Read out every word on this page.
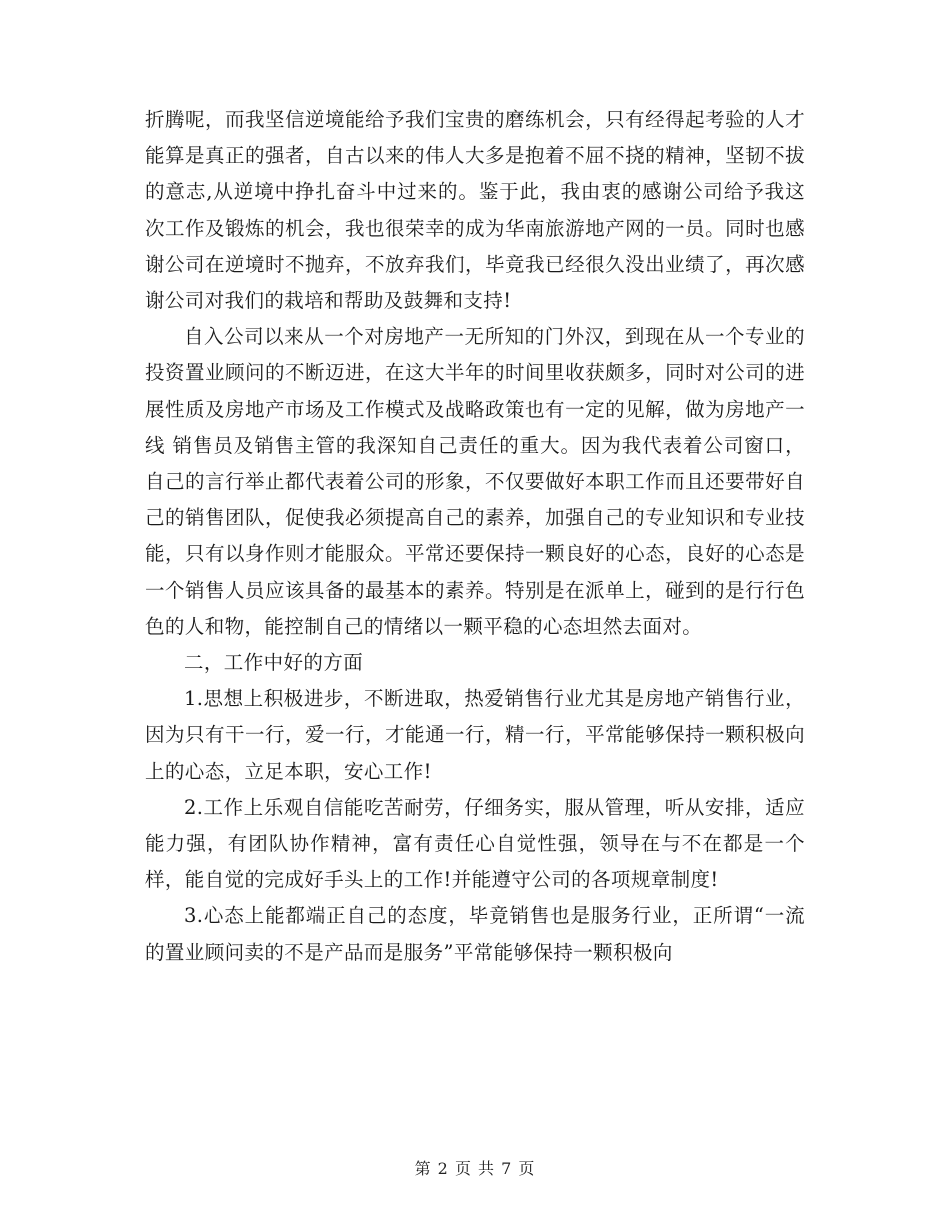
折腾呢，而我坚信逆境能给予我们宝贵的磨练机会，只有经得起考验的人才能算是真正的强者，自古以来的伟人大多是抱着不屈不挠的精神，坚韧不拔的意志,从逆境中挣扎奋斗中过来的。鉴于此，我由衷的感谢公司给予我这次工作及锻炼的机会，我也很荣幸的成为华南旅游地产网的一员。同时也感谢公司在逆境时不抛弃，不放弃我们，毕竟我已经很久没出业绩了，再次感谢公司对我们的栽培和帮助及鼓舞和支持!

自入公司以来从一个对房地产一无所知的门外汉，到现在从一个专业的投资置业顾问的不断迈进，在这大半年的时间里收获颇多，同时对公司的进展性质及房地产市场及工作模式及战略政策也有一定的见解，做为房地产一线 销售员及销售主管的我深知自己责任的重大。因为我代表着公司窗口，自己的言行举止都代表着公司的形象，不仅要做好本职工作而且还要带好自己的销售团队，促使我必须提高自己的素养，加强自己的专业知识和专业技能，只有以身作则才能服众。平常还要保持一颗良好的心态，良好的心态是一个销售人员应该具备的最基本的素养。特别是在派单上，碰到的是行行色色的人和物，能控制自己的情绪以一颗平稳的心态坦然去面对。

二，工作中好的方面

1.思想上积极进步，不断进取，热爱销售行业尤其是房地产销售行业，因为只有干一行，爱一行，才能通一行，精一行，平常能够保持一颗积极向上的心态，立足本职，安心工作!

2.工作上乐观自信能吃苦耐劳，仔细务实，服从管理，听从安排，适应能力强，有团队协作精神，富有责任心自觉性强，领导在与不在都是一个样，能自觉的完成好手头上的工作!并能遵守公司的各项规章制度!

3.心态上能都端正自己的态度，毕竟销售也是服务行业，正所谓“一流的置业顾问卖的不是产品而是服务”平常能够保持一颗积极向

第 2 页 共 7 页
